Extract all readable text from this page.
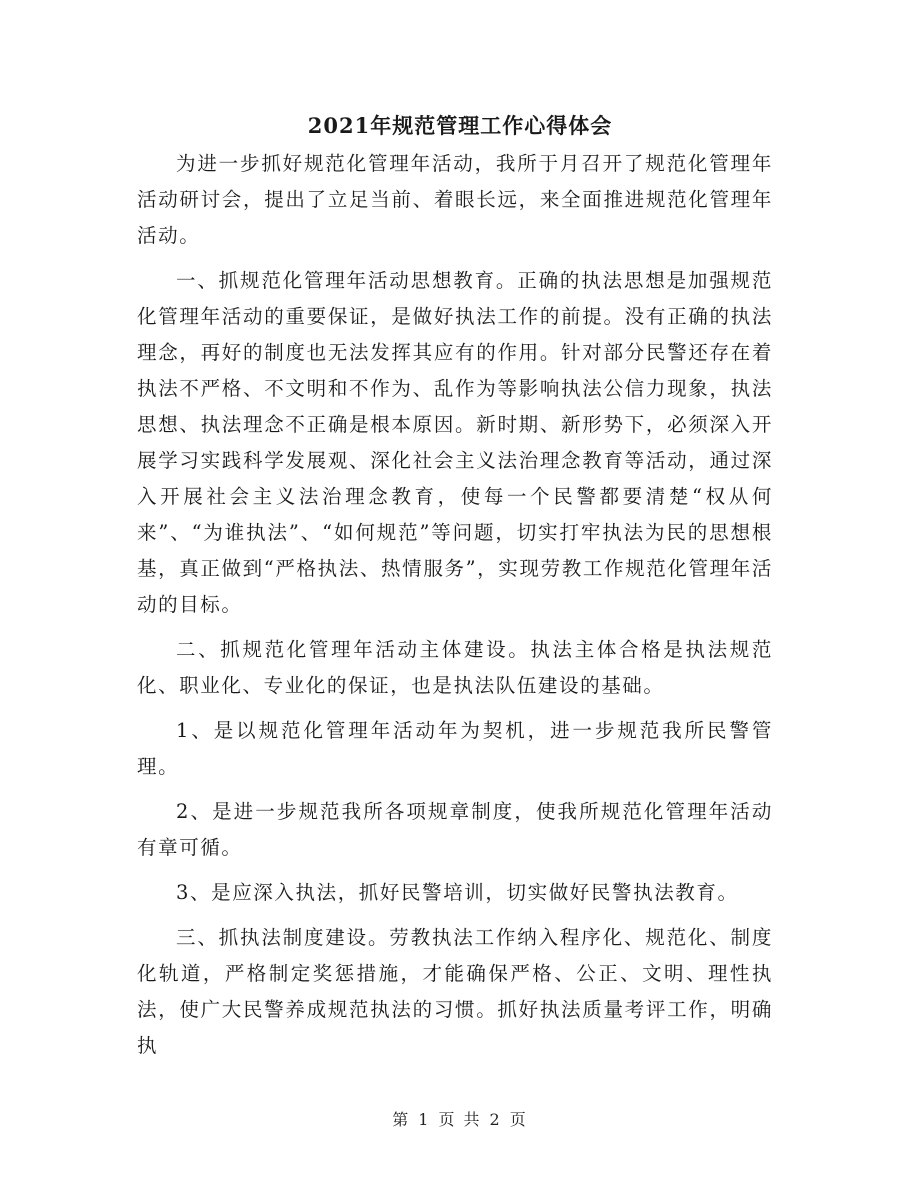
2021年规范管理工作心得体会

为进一步抓好规范化管理年活动，我所于月召开了规范化管理年活动研讨会，提出了立足当前、着眼长远，来全面推进规范化管理年活动。

一、抓规范化管理年活动思想教育。正确的执法思想是加强规范化管理年活动的重要保证，是做好执法工作的前提。没有正确的执法理念，再好的制度也无法发挥其应有的作用。针对部分民警还存在着执法不严格、不文明和不作为、乱作为等影响执法公信力现象，执法思想、执法理念不正确是根本原因。新时期、新形势下，必须深入开展学习实践科学发展观、深化社会主义法治理念教育等活动，通过深入开展社会主义法治理念教育，使每一个民警都要清楚“权从何来”、“为谁执法”、“如何规范”等问题，切实打牢执法为民的思想根基，真正做到“严格执法、热情服务”，实现劳教工作规范化管理年活动的目标。

二、抓规范化管理年活动主体建设。执法主体合格是执法规范化、职业化、专业化的保证，也是执法队伍建设的基础。

1、是以规范化管理年活动年为契机，进一步规范我所民警管理。

2、是进一步规范我所各项规章制度，使我所规范化管理年活动有章可循。

3、是应深入执法，抓好民警培训，切实做好民警执法教育。

三、抓执法制度建设。劳教执法工作纳入程序化、规范化、制度化轨道，严格制定奖惩措施，才能确保严格、公正、文明、理性执法，使广大民警养成规范执法的习惯。抓好执法质量考评工作，明确执

第 1 页 共 2 页
